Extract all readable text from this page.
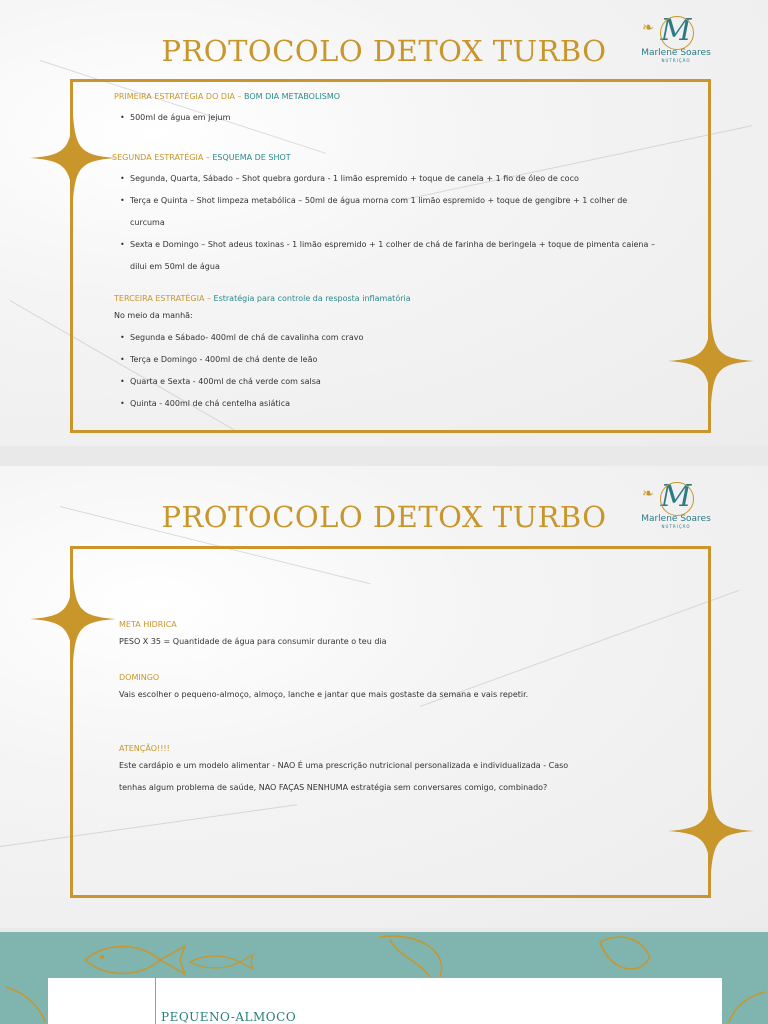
PROTOCOLO DETOX TURBO
❧ M
Marlene Soares
NUTRIÇÃO
PRIMEIRA ESTRATÉGIA DO DIA – BOM DIA METABOLISMO
• 500ml de água em jejum
SEGUNDA ESTRATÉGIA – ESQUEMA DE SHOT
• Segunda, Quarta, Sábado – Shot quebra gordura - 1 limão espremido + toque de canela + 1 fio de óleo de coco
• Terça e Quinta – Shot limpeza metabólica – 50ml de água morna com 1 limão espremido + toque de gengibre + 1 colher de curcuma
• Sexta e Domingo – Shot adeus toxinas - 1 limão espremido + 1 colher de chá de farinha de beringela + toque de pimenta caiena – dilui em 50ml de água
TERCEIRA ESTRATÉGIA – Estratégia para controle da resposta inflamatória
No meio da manhã:
• Segunda e Sábado- 400ml de chá de cavalinha com cravo
• Terça e Domingo - 400ml de chá dente de leão
• Quarta e Sexta - 400ml de chá verde com salsa
• Quinta - 400ml de chá centelha asiática
PROTOCOLO DETOX TURBO
❧ M
Marlene Soares
NUTRIÇÃO
META HIDRICA
PESO X 35 = Quantidade de água para consumir durante o teu dia
DOMINGO
Vais escolher o pequeno-almoço, almoço, lanche e jantar que mais gostaste da semana e vais repetir.
ATENÇÃO!!!!
Este cardápio e um modelo alimentar - NAO É uma prescrição nutricional personalizada e individualizada - Caso tenhas algum problema de saúde, NAO FAÇAS NENHUMA estratégia sem conversares comigo, combinado?
PEQUENO-ALMOCO
